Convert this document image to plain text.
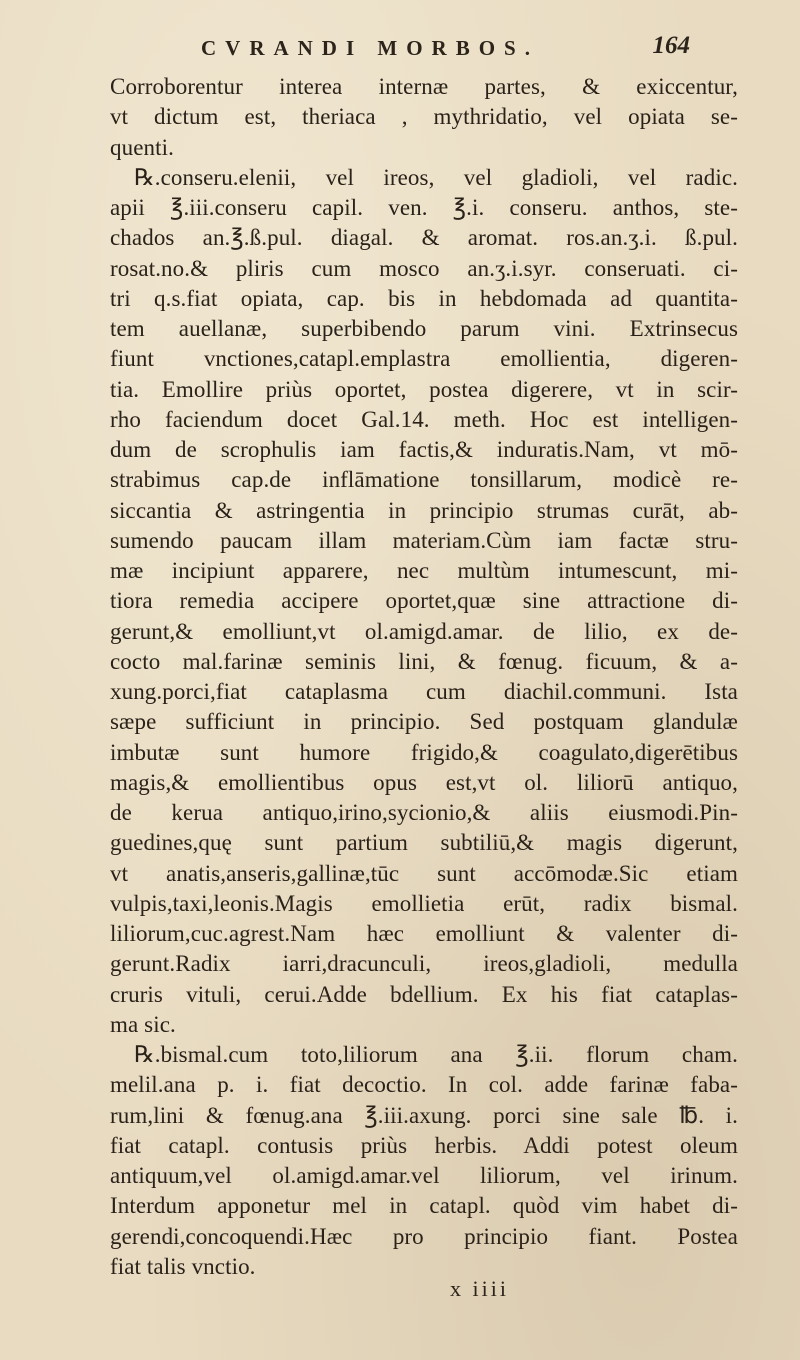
CVRANDI MORBOS.	164
Corroborentur interea internæ partes, & exiccentur,
vt dictum est, theriaca , mythridatio, vel opiata se-
quenti.
℞.conseru.elenii, vel ireos, vel gladioli, vel radic.
apii ℥.iii.conseru capil. ven. ℥.i. conseru. anthos, ste-
chados an.℥.ß.pul. diagal. & aromat. ros.an.ʒ.i. ß.pul.
rosat.no.& pliris cum mosco an.ʒ.i.syr. conseruati. ci-
tri q.s.fiat opiata, cap. bis in hebdomada ad quantita-
tem auellanæ, superbibendo parum vini. Extrinsecus
fiunt vnctiones,catapl.emplastra emollientia, digeren-
tia. Emollire priùs oportet, postea digerere, vt in scir-
rho faciendum docet Gal.14. meth. Hoc est intelligen-
dum de scrophulis iam factis,& induratis.Nam, vt mō-
strabimus cap.de inflāmatione tonsillarum, modicè re-
siccantia & astringentia in principio strumas curāt, ab-
sumendo paucam illam materiam.Cùm iam factæ stru-
mæ incipiunt apparere, nec multùm intumescunt, mi-
tiora remedia accipere oportet,quæ sine attractione di-
gerunt,& emolliunt,vt ol.amigd.amar. de lilio, ex de-
cocto mal.farinæ seminis lini, & fœnug. ficuum, & a-
xung.porci,fiat cataplasma cum diachil.communi. Ista
sæpe sufficiunt in principio. Sed postquam glandulæ
imbutæ sunt humore frigido,& coagulato,digerētibus
magis,& emollientibus opus est,vt ol. liliorū antiquo,
de kerua antiquo,irino,sycionio,& aliis eiusmodi.Pin-
guedines,quę sunt partium subtiliū,& magis digerunt,
vt anatis,anseris,gallinæ,tūc sunt accōmodæ.Sic etiam
vulpis,taxi,leonis.Magis emollietia erūt, radix bismal.
liliorum,cuc.agrest.Nam hæc emolliunt & valenter di-
gerunt.Radix iarri,dracunculi, ireos,gladioli, medulla
cruris vituli, cerui.Adde bdellium. Ex his fiat cataplas-
ma sic.
℞.bismal.cum toto,liliorum ana ℥.ii. florum cham.
melil.ana p. i. fiat decoctio. In col. adde farinæ faba-
rum,lini & fœnug.ana ℥.iii.axung. porci sine sale ℔. i.
fiat catapl. contusis priùs herbis. Addi potest oleum
antiquum,vel ol.amigd.amar.vel liliorum, vel irinum.
Interdum apponetur mel in catapl. quòd vim habet di-
gerendi,concoquendi.Hæc pro principio fiant. Postea
fiat talis vnctio.
x iiii
